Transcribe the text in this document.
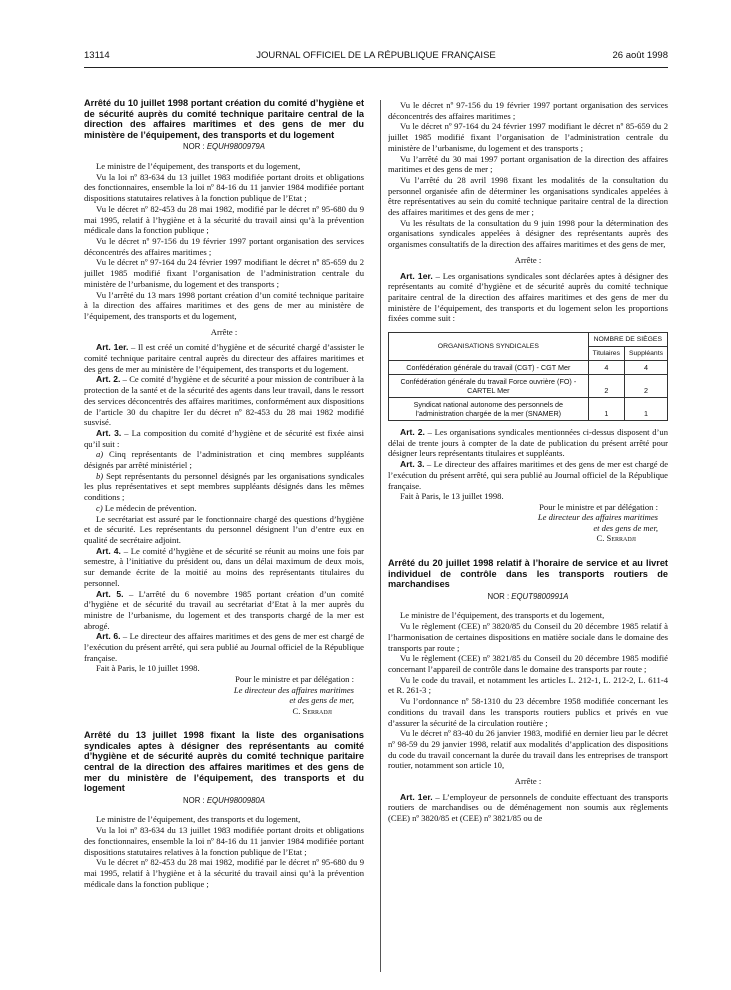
13114	JOURNAL OFFICIEL DE LA RÉPUBLIQUE FRANÇAISE	26 août 1998

Arrêté du 10 juillet 1998 portant création du comité d’hygiène et de sécurité auprès du comité technique paritaire central de la direction des affaires maritimes et des gens de mer du ministère de l’équipement, des transports et du logement

NOR : EQUH9800979A

Le ministre de l’équipement, des transports et du logement,

Vu la loi nº 83-634 du 13 juillet 1983 modifiée portant droits et obligations des fonctionnaires, ensemble la loi nº 84-16 du 11 janvier 1984 modifiée portant dispositions statutaires relatives à la fonction publique de l’Etat ;

Vu le décret nº 82-453 du 28 mai 1982, modifié par le décret nº 95-680 du 9 mai 1995, relatif à l’hygiène et à la sécurité du travail ainsi qu’à la prévention médicale dans la fonction publique ;

Vu le décret nº 97-156 du 19 février 1997 portant organisation des services déconcentrés des affaires maritimes ;

Vu le décret nº 97-164 du 24 février 1997 modifiant le décret nº 85-659 du 2 juillet 1985 modifié fixant l’organisation de l’administration centrale du ministère de l’urbanisme, du logement et des transports ;

Vu l’arrêté du 13 mars 1998 portant création d’un comité technique paritaire à la direction des affaires maritimes et des gens de mer au ministère de l’équipement, des transports et du logement,

Arrête :

Art. 1er. – Il est créé un comité d’hygiène et de sécurité chargé d’assister le comité technique paritaire central auprès du directeur des affaires maritimes et des gens de mer au ministère de l’équipement, des transports et du logement.

Art. 2. – Ce comité d’hygiène et de sécurité a pour mission de contribuer à la protection de la santé et de la sécurité des agents dans leur travail, dans le ressort des services déconcentrés des affaires maritimes, conformément aux dispositions de l’article 30 du chapitre Ier du décret nº 82-453 du 28 mai 1982 modifié susvisé.

Art. 3. – La composition du comité d’hygiène et de sécurité est fixée ainsi qu’il suit :

a) Cinq représentants de l’administration et cinq membres suppléants désignés par arrêté ministériel ;

b) Sept représentants du personnel désignés par les organisations syndicales les plus représentatives et sept membres suppléants désignés dans les mêmes conditions ;

c) Le médecin de prévention.

Le secrétariat est assuré par le fonctionnaire chargé des questions d’hygiène et de sécurité. Les représentants du personnel désignent l’un d’entre eux en qualité de secrétaire adjoint.

Art. 4. – Le comité d’hygiène et de sécurité se réunit au moins une fois par semestre, à l’initiative du président ou, dans un délai maximum de deux mois, sur demande écrite de la moitié au moins des représentants titulaires du personnel.

Art. 5. – L’arrêté du 6 novembre 1985 portant création d’un comité d’hygiène et de sécurité du travail au secrétariat d’Etat à la mer auprès du ministre de l’urbanisme, du logement et des transports chargé de la mer est abrogé.

Art. 6. – Le directeur des affaires maritimes et des gens de mer est chargé de l’exécution du présent arrêté, qui sera publié au Journal officiel de la République française.

Fait à Paris, le 10 juillet 1998.

Pour le ministre et par délégation :
Le directeur des affaires maritimes
et des gens de mer,
C. Serradji

Arrêté du 13 juillet 1998 fixant la liste des organisations syndicales aptes à désigner des représentants au comité d’hygiène et de sécurité auprès du comité technique paritaire central de la direction des affaires maritimes et des gens de mer du ministère de l’équipement, des transports et du logement

NOR : EQUH9800980A

Le ministre de l’équipement, des transports et du logement,

Vu la loi nº 83-634 du 13 juillet 1983 modifiée portant droits et obligations des fonctionnaires, ensemble la loi nº 84-16 du 11 janvier 1984 modifiée portant dispositions statutaires relatives à la fonction publique de l’Etat ;

Vu le décret nº 82-453 du 28 mai 1982, modifié par le décret nº 95-680 du 9 mai 1995, relatif à l’hygiène et à la sécurité du travail ainsi qu’à la prévention médicale dans la fonction publique ;

Vu le décret nº 97-156 du 19 février 1997 portant organisation des services déconcentrés des affaires maritimes ;

Vu le décret nº 97-164 du 24 février 1997 modifiant le décret nº 85-659 du 2 juillet 1985 modifié fixant l’organisation de l’administration centrale du ministère de l’urbanisme, du logement et des transports ;

Vu l’arrêté du 30 mai 1997 portant organisation de la direction des affaires maritimes et des gens de mer ;

Vu l’arrêté du 28 avril 1998 fixant les modalités de la consultation du personnel organisée afin de déterminer les organisations syndicales appelées à être représentatives au sein du comité technique paritaire central de la direction des affaires maritimes et des gens de mer ;

Vu les résultats de la consultation du 9 juin 1998 pour la détermination des organisations syndicales appelées à désigner des représentants auprès des organismes consultatifs de la direction des affaires maritimes et des gens de mer,

Arrête :

Art. 1er. – Les organisations syndicales sont déclarées aptes à désigner des représentants au comité d’hygiène et de sécurité auprès du comité technique paritaire central de la direction des affaires maritimes et des gens de mer du ministère de l’équipement, des transports et du logement selon les proportions fixées comme suit :

ORGANISATIONS SYNDICALES	NOMBRE DE SIÈGES	
	Titulaires	Suppléants
Confédération générale du travail (CGT) - CGT Mer	4	4
Confédération générale du travail Force ouvrière (FO) - CARTEL Mer	2	2
Syndicat national autonome des personnels de l’administration chargée de la mer (SNAMER)	1	1

Art. 2. – Les organisations syndicales mentionnées ci-dessus disposent d’un délai de trente jours à compter de la date de publication du présent arrêté pour désigner leurs représentants titulaires et suppléants.

Art. 3. – Le directeur des affaires maritimes et des gens de mer est chargé de l’exécution du présent arrêté, qui sera publié au Journal officiel de la République française.

Fait à Paris, le 13 juillet 1998.

Pour le ministre et par délégation :
Le directeur des affaires maritimes
et des gens de mer,
C. Serradji

Arrêté du 20 juillet 1998 relatif à l’horaire de service et au livret individuel de contrôle dans les transports routiers de marchandises

NOR : EQUT9800991A

Le ministre de l’équipement, des transports et du logement,

Vu le règlement (CEE) nº 3820/85 du Conseil du 20 décembre 1985 relatif à l’harmonisation de certaines dispositions en matière sociale dans le domaine des transports par route ;

Vu le règlement (CEE) nº 3821/85 du Conseil du 20 décembre 1985 modifié concernant l’appareil de contrôle dans le domaine des transports par route ;

Vu le code du travail, et notamment les articles L. 212-1, L. 212-2, L. 611-4 et R. 261-3 ;

Vu l’ordonnance nº 58-1310 du 23 décembre 1958 modifiée concernant les conditions du travail dans les transports routiers publics et privés en vue d’assurer la sécurité de la circulation routière ;

Vu le décret nº 83-40 du 26 janvier 1983, modifié en dernier lieu par le décret nº 98-59 du 29 janvier 1998, relatif aux modalités d’application des dispositions du code du travail concernant la durée du travail dans les entreprises de transport routier, notamment son article 10,

Arrête :

Art. 1er. – L’employeur de personnels de conduite effectuant des transports routiers de marchandises ou de déménagement non soumis aux règlements (CEE) nº 3820/85 et (CEE) nº 3821/85 ou de
